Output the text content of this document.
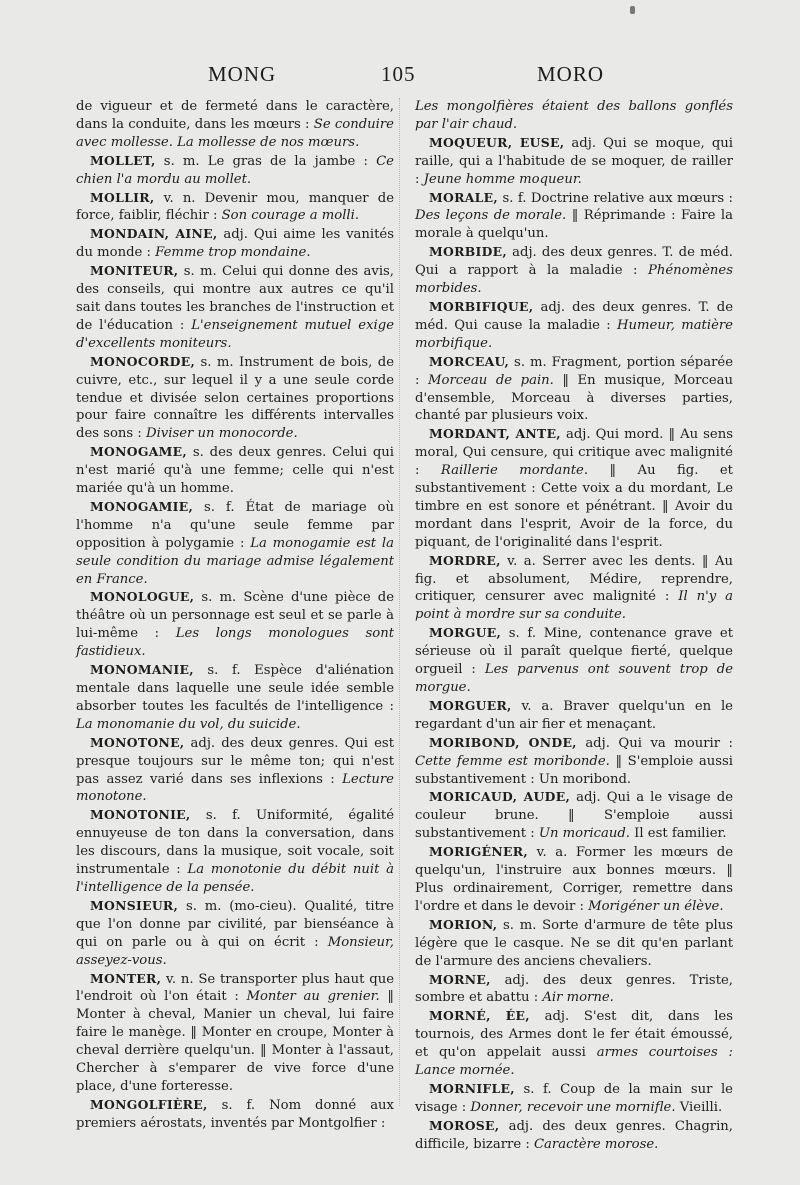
MONG	105	MORO

de vigueur et de fermeté dans le caractère, dans la conduite, dans les mœurs : Se conduire avec mollesse. La mollesse de nos mœurs.

MOLLET, s. m. Le gras de la jambe : Ce chien l'a mordu au mollet.

MOLLIR, v. n. Devenir mou, manquer de force, faiblir, fléchir : Son courage a molli.

MONDAIN, AINE, adj. Qui aime les vanités du monde : Femme trop mondaine.

MONITEUR, s. m. Celui qui donne des avis, des conseils, qui montre aux autres ce qu'il sait dans toutes les branches de l'instruction et de l'éducation : L'enseignement mutuel exige d'excellents moniteurs.

MONOCORDE, s. m. Instrument de bois, de cuivre, etc., sur lequel il y a une seule corde tendue et divisée selon certaines proportions pour faire connaître les différents intervalles des sons : Diviser un monocorde.

MONOGAME, s. des deux genres. Celui qui n'est marié qu'à une femme; celle qui n'est mariée qu'à un homme.

MONOGAMIE, s. f. État de mariage où l'homme n'a qu'une seule femme par opposition à polygamie : La monogamie est la seule condition du mariage admise légalement en France.

MONOLOGUE, s. m. Scène d'une pièce de théâtre où un personnage est seul et se parle à lui-même : Les longs monologues sont fastidieux.

MONOMANIE, s. f. Espèce d'aliénation mentale dans laquelle une seule idée semble absorber toutes les facultés de l'intelligence : La monomanie du vol, du suicide.

MONOTONE, adj. des deux genres. Qui est presque toujours sur le même ton; qui n'est pas assez varié dans ses inflexions : Lecture monotone.

MONOTONIE, s. f. Uniformité, égalité ennuyeuse de ton dans la conversation, dans les discours, dans la musique, soit vocale, soit instrumentale : La monotonie du débit nuit à l'intelligence de la pensée.

MONSIEUR, s. m. (mo-cieu). Qualité, titre que l'on donne par civilité, par bienséance à qui on parle ou à qui on écrit : Monsieur, asseyez-vous.

MONTER, v. n. Se transporter plus haut que l'endroit où l'on était : Monter au grenier. ‖ Monter à cheval, Manier un cheval, lui faire faire le manège. ‖ Monter en croupe, Monter à cheval derrière quelqu'un. ‖ Monter à l'assaut, Chercher à s'emparer de vive force d'une place, d'une forteresse.

MONGOLFIÈRE, s. f. Nom donné aux premiers aérostats, inventés par Montgolfier :

Les mongolfières étaient des ballons gonflés par l'air chaud.

MOQUEUR, EUSE, adj. Qui se moque, qui raille, qui a l'habitude de se moquer, de railler : Jeune homme moqueur.

MORALE, s. f. Doctrine relative aux mœurs : Des leçons de morale. ‖ Réprimande : Faire la morale à quelqu'un.

MORBIDE, adj. des deux genres. T. de méd. Qui a rapport à la maladie : Phénomènes morbides.

MORBIFIQUE, adj. des deux genres. T. de méd. Qui cause la maladie : Humeur, matière morbifique.

MORCEAU, s. m. Fragment, portion séparée : Morceau de pain. ‖ En musique, Morceau d'ensemble, Morceau à diverses parties, chanté par plusieurs voix.

MORDANT, ANTE, adj. Qui mord. ‖ Au sens moral, Qui censure, qui critique avec malignité : Raillerie mordante. ‖ Au fig. et substantivement : Cette voix a du mordant, Le timbre en est sonore et pénétrant. ‖ Avoir du mordant dans l'esprit, Avoir de la force, du piquant, de l'originalité dans l'esprit.

MORDRE, v. a. Serrer avec les dents. ‖ Au fig. et absolument, Médire, reprendre, critiquer, censurer avec malignité : Il n'y a point à mordre sur sa conduite.

MORGUE, s. f. Mine, contenance grave et sérieuse où il paraît quelque fierté, quelque orgueil : Les parvenus ont souvent trop de morgue.

MORGUER, v. a. Braver quelqu'un en le regardant d'un air fier et menaçant.

MORIBOND, ONDE, adj. Qui va mourir : Cette femme est moribonde. ‖ S'emploie aussi substantivement : Un moribond.

MORICAUD, AUDE, adj. Qui a le visage de couleur brune. ‖ S'emploie aussi substantivement : Un moricaud. Il est familier.

MORIGÉNER, v. a. Former les mœurs de quelqu'un, l'instruire aux bonnes mœurs. ‖ Plus ordinairement, Corriger, remettre dans l'ordre et dans le devoir : Morigéner un élève.

MORION, s. m. Sorte d'armure de tête plus légère que le casque. Ne se dit qu'en parlant de l'armure des anciens chevaliers.

MORNE, adj. des deux genres. Triste, sombre et abattu : Air morne.

MORNÉ, ÉE, adj. S'est dit, dans les tournois, des Armes dont le fer était émoussé, et qu'on appelait aussi armes courtoises : Lance mornée.

MORNIFLE, s. f. Coup de la main sur le visage : Donner, recevoir une mornifle. Vieilli.

MOROSE, adj. des deux genres. Chagrin, difficile, bizarre : Caractère morose.
